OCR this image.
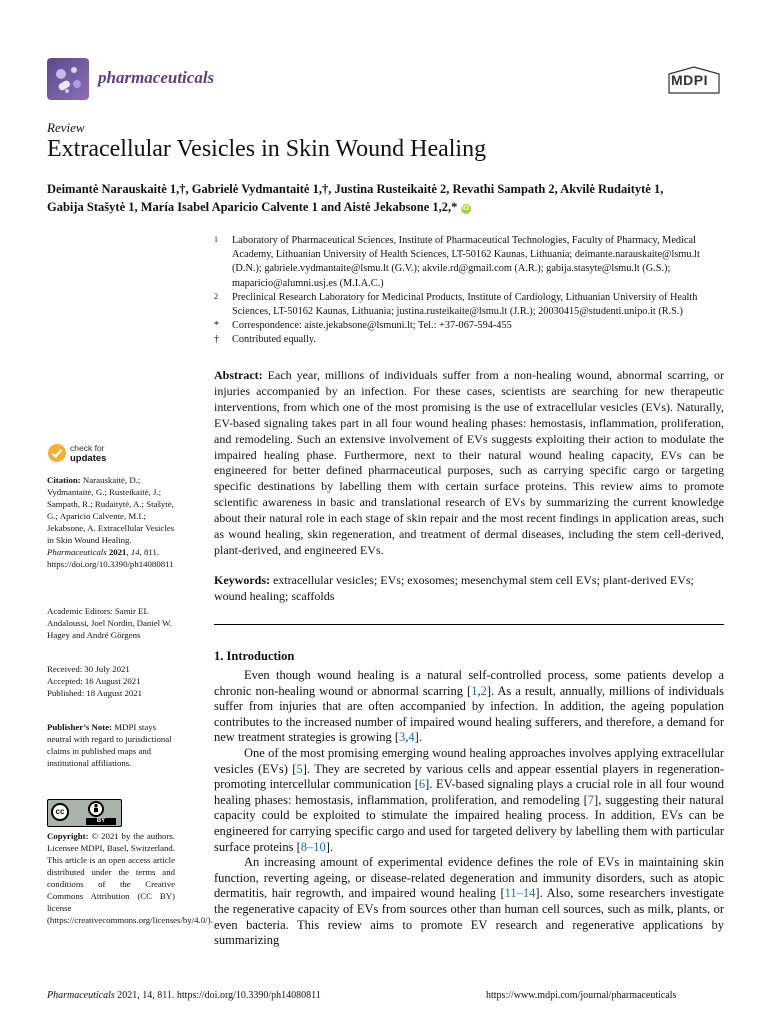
pharmaceuticals	MDPI
Review
Extracellular Vesicles in Skin Wound Healing
Deimantė Narauskaitė 1,†, Gabrielė Vydmantaitė 1,†, Justina Rusteikaitė 2, Revathi Sampath 2, Akvilė Rudaitytė 1,
Gabija Stašytė 1, María Isabel Aparicio Calvente 1 and Aistė Jekabsone 1,2,* iD
1 Laboratory of Pharmaceutical Sciences, Institute of Pharmaceutical Technologies, Faculty of Pharmacy, Medical Academy, Lithuanian University of Health Sciences, LT-50162 Kaunas, Lithuania; deimante.narauskaite@lsmu.lt (D.N.); gabriele.vydmantaite@lsmu.lt (G.V.); akvile.rd@gmail.com (A.R.); gabija.stasyte@lsmu.lt (G.S.); maparicio@alumni.usj.es (M.I.A.C.)
2 Preclinical Research Laboratory for Medicinal Products, Institute of Cardiology, Lithuanian University of Health Sciences, LT-50162 Kaunas, Lithuania; justina.rusteikaite@lsmu.lt (J.R.); 20030415@studenti.unipo.it (R.S.)
* Correspondence: aiste.jekabsone@lsmuni.lt; Tel.: +37-067-594-455
† Contributed equally.
Abstract: Each year, millions of individuals suffer from a non-healing wound, abnormal scarring, or injuries accompanied by an infection. For these cases, scientists are searching for new therapeutic interventions, from which one of the most promising is the use of extracellular vesicles (EVs). Naturally, EV-based signaling takes part in all four wound healing phases: hemostasis, inflammation, proliferation, and remodeling. Such an extensive involvement of EVs suggests exploiting their action to modulate the impaired healing phase. Furthermore, next to their natural wound healing capacity, EVs can be engineered for better defined pharmaceutical purposes, such as carrying specific cargo or targeting specific destinations by labelling them with certain surface proteins. This review aims to promote scientific awareness in basic and translational research of EVs by summarizing the current knowledge about their natural role in each stage of skin repair and the most recent findings in application areas, such as wound healing, skin regeneration, and treatment of dermal diseases, including the stem cell-derived, plant-derived, and engineered EVs.
Keywords: extracellular vesicles; EVs; exosomes; mesenchymal stem cell EVs; plant-derived EVs; wound healing; scaffolds
1. Introduction

Even though wound healing is a natural self-controlled process, some patients develop a chronic non-healing wound or abnormal scarring [1,2]. As a result, annually, millions of individuals suffer from injuries that are often accompanied by infection. In addition, the ageing population contributes to the increased number of impaired wound healing sufferers, and therefore, a demand for new treatment strategies is growing [3,4].

One of the most promising emerging wound healing approaches involves applying extracellular vesicles (EVs) [5]. They are secreted by various cells and appear essential players in regeneration-promoting intercellular communication [6]. EV-based signaling plays a crucial role in all four wound healing phases: hemostasis, inflammation, proliferation, and remodeling [7], suggesting their natural capacity could be exploited to stimulate the impaired healing process. In addition, EVs can be engineered for carrying specific cargo and used for targeted delivery by labelling them with particular surface proteins [8–10].

An increasing amount of experimental evidence defines the role of EVs in maintaining skin function, reverting ageing, or disease-related degeneration and immunity disorders, such as atopic dermatitis, hair regrowth, and impaired wound healing [11–14]. Also, some researchers investigate the regenerative capacity of EVs from sources other than human cell sources, such as milk, plants, or even bacteria. This review aims to promote EV research and regenerative applications by summarizing

check for
updates

Citation: Narauskaitė, D.; Vydmantaitė, G.; Rusteikaitė, J.; Sampath, R.; Rudaitytė, A.; Stašytė, G.; Aparicio Calvente, M.I.; Jekabsone, A. Extracellular Vesicles in Skin Wound Healing. Pharmaceuticals 2021, 14, 811. https://doi.org/10.3390/ph14080811

Academic Editors: Samir EL Andaloussi, Joel Nordin, Daniel W. Hagey and André Görgens

Received: 30 July 2021

Accepted: 16 August 2021

Published: 18 August 2021

Publisher’s Note: MDPI stays neutral with regard to jurisdictional claims in published maps and institutional affiliations.

cc
BY

Copyright: © 2021 by the authors. Licensee MDPI, Basel, Switzerland. This article is an open access article distributed under the terms and conditions of the Creative Commons Attribution (CC BY) license (https://creativecommons.org/licenses/by/4.0/).

Pharmaceuticals 2021, 14, 811. https://doi.org/10.3390/ph14080811	https://www.mdpi.com/journal/pharmaceuticals
